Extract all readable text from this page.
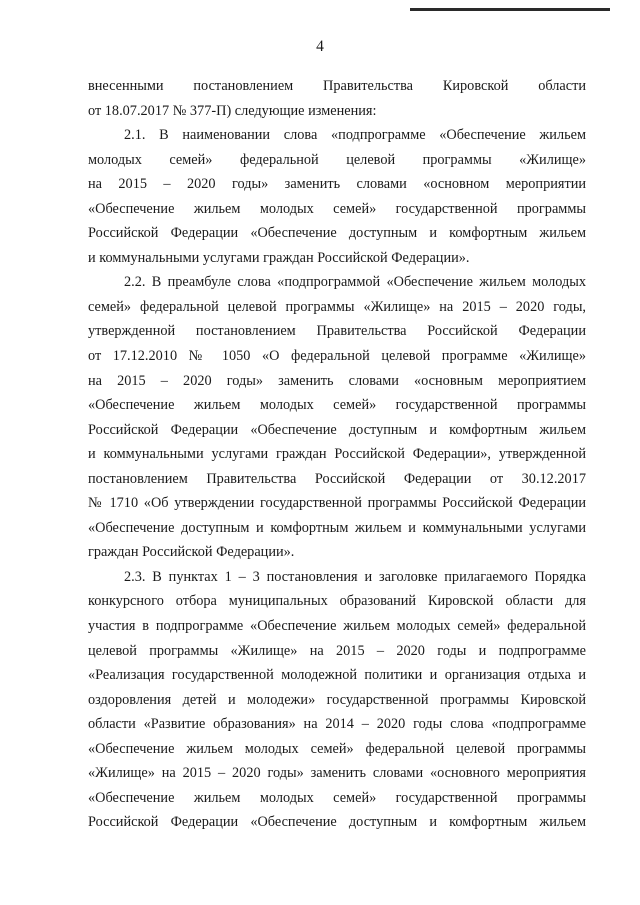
4
внесенными постановлением Правительства Кировской области
от 18.07.2017 № 377-П) следующие изменения:
2.1. В наименовании слова «подпрограмме «Обеспечение жильем
молодых семей» федеральной целевой программы «Жилище»
на 2015 – 2020 годы» заменить словами «основном мероприятии
«Обеспечение жильем молодых семей» государственной программы
Российской Федерации «Обеспечение доступным и комфортным жильем
и коммунальными услугами граждан Российской Федерации».
2.2. В преамбуле слова «подпрограммой «Обеспечение жильем молодых
семей» федеральной целевой программы «Жилище» на 2015 – 2020 годы,
утвержденной постановлением Правительства Российской Федерации
от 17.12.2010 № 1050 «О федеральной целевой программе «Жилище»
на 2015 – 2020 годы» заменить словами «основным мероприятием
«Обеспечение жильем молодых семей» государственной программы
Российской Федерации «Обеспечение доступным и комфортным жильем
и коммунальными услугами граждан Российской Федерации», утвержденной
постановлением Правительства Российской Федерации от 30.12.2017
№ 1710 «Об утверждении государственной программы Российской Федерации
«Обеспечение доступным и комфортным жильем и коммунальными услугами
граждан Российской Федерации».
2.3. В пунктах 1 – 3 постановления и заголовке прилагаемого Порядка
конкурсного отбора муниципальных образований Кировской области для
участия в подпрограмме «Обеспечение жильем молодых семей» федеральной
целевой программы «Жилище» на 2015 – 2020 годы и подпрограмме
«Реализация государственной молодежной политики и организация отдыха и
оздоровления детей и молодежи» государственной программы Кировской
области «Развитие образования» на 2014 – 2020 годы слова «подпрограмме
«Обеспечение жильем молодых семей» федеральной целевой программы
«Жилище» на 2015 – 2020 годы» заменить словами «основного мероприятия
«Обеспечение жильем молодых семей» государственной программы
Российской Федерации «Обеспечение доступным и комфортным жильем
